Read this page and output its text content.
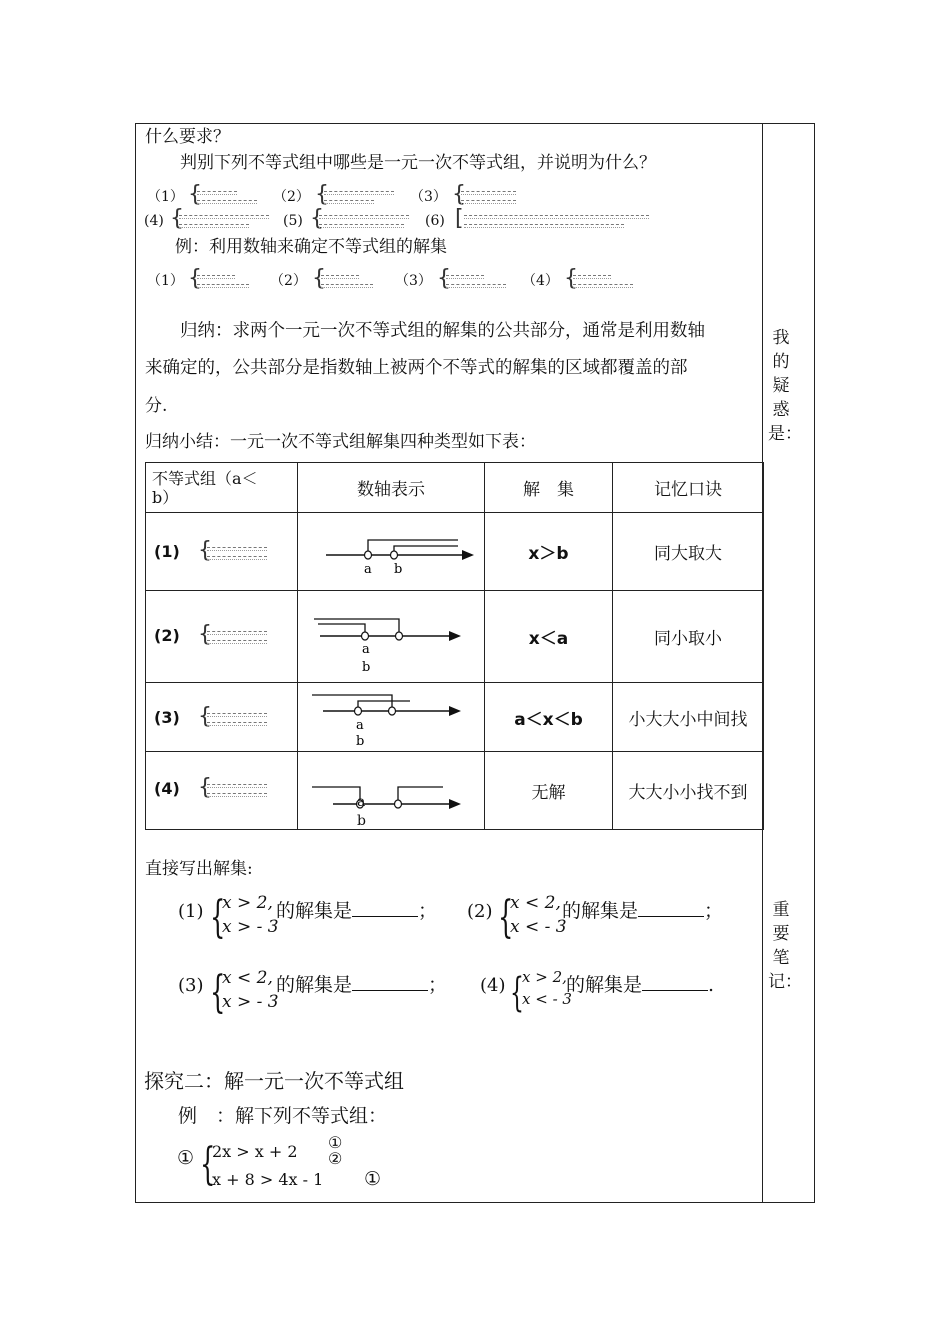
什么要求？
判别下列不等式组中哪些是一元一次不等式组，并说明为什么？
（1） {	（2） {	（3） {
(4) {	(5) {	(6) [
例：利用数轴来确定不等式组的解集
（1） {	（2） {	（3） {	（4） {
归纳：求两个一元一次不等式组的解集的公共部分，通常是利用数轴
来确定的，公共部分是指数轴上被两个不等式的解集的区域都覆盖的部
分.
归纳小结：一元一次不等式组解集四种类型如下表：
不等式组（a＜
b）	数轴表示	解　集	记忆口诀

(1) {	a b	x＞b	同大取大

(2) {	a
b	x＜a	同小取小

(3) {	a
b	a＜x＜b	小大大小中间找

(4) {		无解	大大小小找不到
a
b
直接写出解集:
(1) {
x > 2,
x > - 3
的解集是	； (2) {
x < 2,
x < - 3
的解集是	；
(3) {
x < 2,
x > - 3
的解集是	； (4) {
x > 2,
x < - 3
的解集是	.
探究二：解一元一次不等式组
例　：解下列不等式组：
① {
2x > x + 2
x + 8 > 4x - 1
①
②
①
我
的
疑
惑
是：
重
要
笔
记：
